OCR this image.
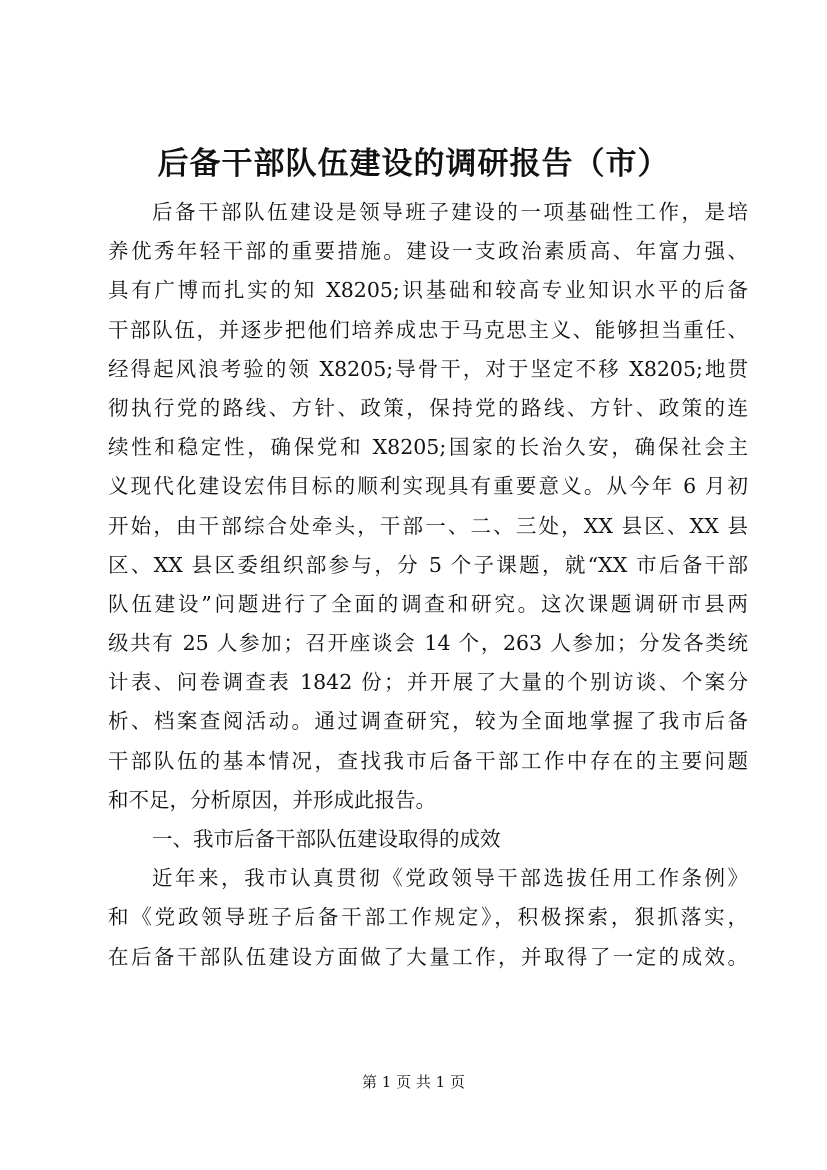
后备干部队伍建设的调研报告（市）
后备干部队伍建设是领导班子建设的一项基础性工作，是培
养优秀年轻干部的重要措施。建设一支政治素质高、年富力强、
具有广博而扎实的知 X8205;识基础和较高专业知识水平的后备
干部队伍，并逐步把他们培养成忠于马克思主义、能够担当重任、
经得起风浪考验的领 X8205;导骨干，对于坚定不移 X8205;地贯
彻执行党的路线、方针、政策，保持党的路线、方针、政策的连
续性和稳定性，确保党和 X8205;国家的长治久安，确保社会主
义现代化建设宏伟目标的顺利实现具有重要意义。从今年 6 月初
开始，由干部综合处牵头，干部一、二、三处，XX 县区、XX 县
区、XX 县区委组织部参与，分 5 个子课题，就“XX 市后备干部
队伍建设”问题进行了全面的调查和研究。这次课题调研市县两
级共有 25 人参加；召开座谈会 14 个，263 人参加；分发各类统
计表、问卷调查表 1842 份；并开展了大量的个别访谈、个案分
析、档案查阅活动。通过调查研究，较为全面地掌握了我市后备
干部队伍的基本情况，查找我市后备干部工作中存在的主要问题
和不足，分析原因，并形成此报告。
一、我市后备干部队伍建设取得的成效
近年来，我市认真贯彻《党政领导干部选拔任用工作条例》
和《党政领导班子后备干部工作规定》，积极探索，狠抓落实，
在后备干部队伍建设方面做了大量工作，并取得了一定的成效。
第 1 页 共 1 页
